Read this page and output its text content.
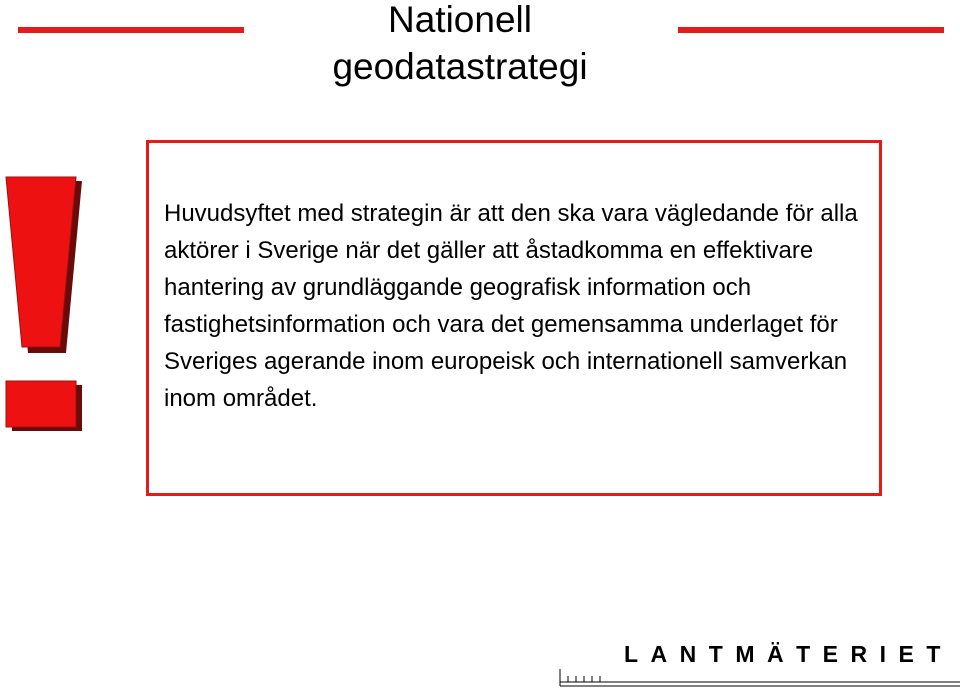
Nationell
geodatastrategi
Huvudsyftet med strategin är att den ska vara vägledande för alla aktörer i Sverige när det gäller att åstadkomma en effektivare hantering av grundläggande geografisk information och fastighetsinformation och vara det gemensamma underlaget för Sveriges agerande inom europeisk och internationell samverkan inom området.
LANTMÄTERIET
